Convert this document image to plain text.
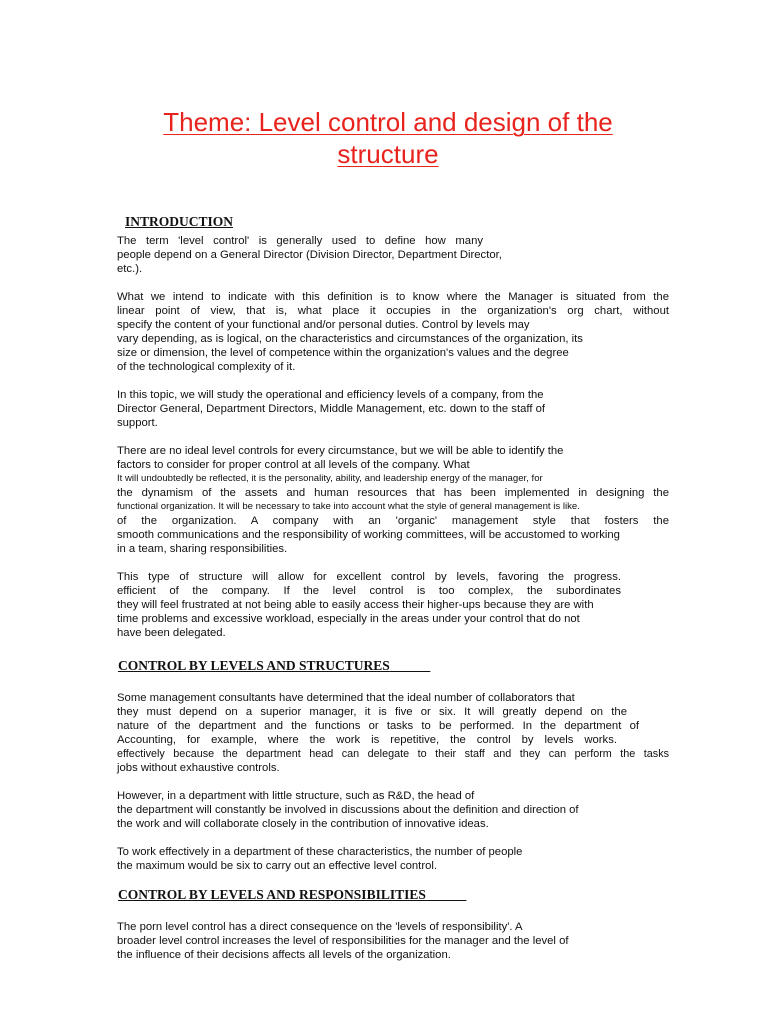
Theme: Level control and design of the
structure
INTRODUCTION

The term 'level control' is generally used to define how many
people depend on a General Director (Division Director, Department Director,
etc.).

What we intend to indicate with this definition is to know where the Manager is situated from the
linear point of view, that is, what place it occupies in the organization's org chart, without
specify the content of your functional and/or personal duties. Control by levels may
vary depending, as is logical, on the characteristics and circumstances of the organization, its
size or dimension, the level of competence within the organization's values and the degree
of the technological complexity of it.

In this topic, we will study the operational and efficiency levels of a company, from the
Director General, Department Directors, Middle Management, etc. down to the staff of
support.

There are no ideal level controls for every circumstance, but we will be able to identify the
factors to consider for proper control at all levels of the company. What
It will undoubtedly be reflected, it is the personality, ability, and leadership energy of the manager, for
the dynamism of the assets and human resources that has been implemented in designing the
functional organization. It will be necessary to take into account what the style of general management is like.
of the organization. A company with an 'organic' management style that fosters the
smooth communications and the responsibility of working committees, will be accustomed to working
in a team, sharing responsibilities.

This type of structure will allow for excellent control by levels, favoring the progress.
efficient of the company. If the level control is too complex, the subordinates
they will feel frustrated at not being able to easily access their higher-ups because they are with
time problems and excessive workload, especially in the areas under your control that do not
have been delegated.

CONTROL BY LEVELS AND STRUCTURES

Some management consultants have determined that the ideal number of collaborators that
they must depend on a superior manager, it is five or six. It will greatly depend on the
nature of the department and the functions or tasks to be performed. In the department of
Accounting, for example, where the work is repetitive, the control by levels works.
effectively because the department head can delegate to their staff and they can perform the tasks
jobs without exhaustive controls.

However, in a department with little structure, such as R&D, the head of
the department will constantly be involved in discussions about the definition and direction of
the work and will collaborate closely in the contribution of innovative ideas.

To work effectively in a department of these characteristics, the number of people
the maximum would be six to carry out an effective level control.

CONTROL BY LEVELS AND RESPONSIBILITIES

The porn level control has a direct consequence on the 'levels of responsibility'. A
broader level control increases the level of responsibilities for the manager and the level of
the influence of their decisions affects all levels of the organization.
